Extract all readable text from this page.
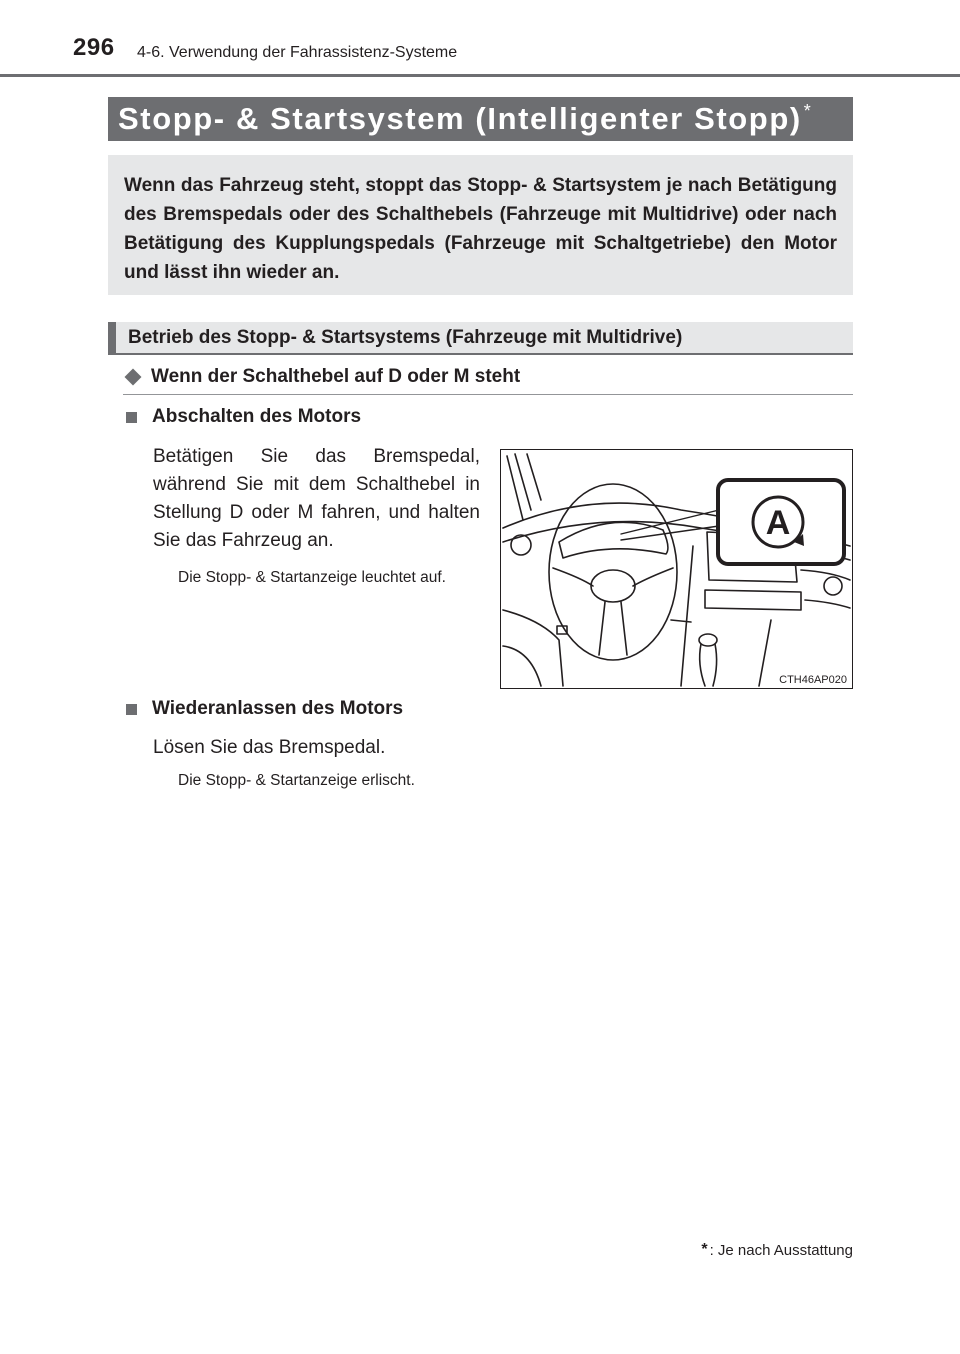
296 4-6. Verwendung der Fahrassistenz-Systeme
Stopp- & Startsystem (Intelligenter Stopp) *

Wenn das Fahrzeug steht, stoppt das Stopp- & Startsystem je nach Betätigung des Bremspedals oder des Schalthebels (Fahrzeuge mit Multidrive) oder nach Betätigung des Kupplungspedals (Fahrzeuge mit Schaltgetriebe) den Motor und lässt ihn wieder an.

Betrieb des Stopp- & Startsystems (Fahrzeuge mit Multidrive)
Wenn der Schalthebel auf D oder M steht
Abschalten des Motors

Betätigen Sie das Bremspedal, während Sie mit dem Schalthebel in Stellung D oder M fahren, und halten Sie das Fahrzeug an.

Die Stopp- & Startanzeige leuchtet auf.

A
CTH46AP020
Wiederanlassen des Motors

Lösen Sie das Bremspedal.

Die Stopp- & Startanzeige erlischt.

* : Je nach Ausstattung
